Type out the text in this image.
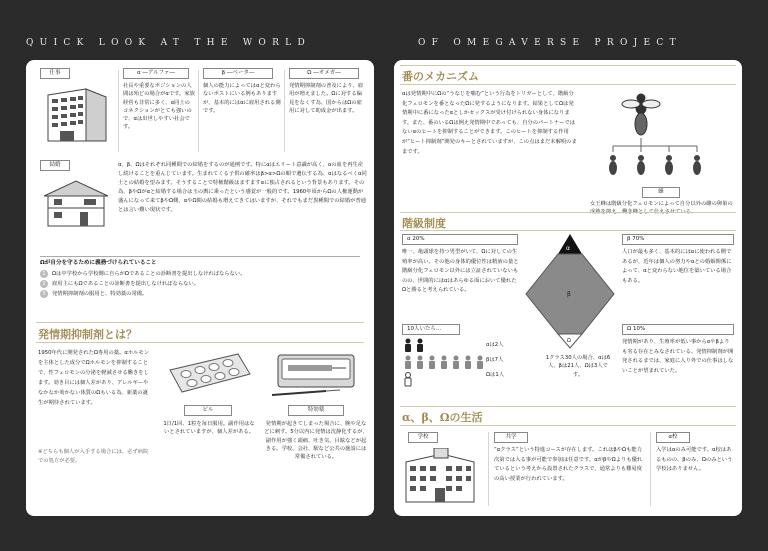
QUICK LOOK AT THE WORLD	OF OMEGAVERSE PROJECT
仕事	α ―アルファ―
社長や重要なポジションの人間は殆どの場合がαです。家族経営も非常に多く、α同士のコネクションがとても強いので、αは出世しやすい社会です。
β ―ベータ―
個人の能力によってはαと変わらないポストにいる例もありますが、基本的にはαに雇用される側です。
Ω ―オメガ―
発情期抑制剤の普及により、雇用が増えました。Ωに対する偏見をなくす為、国からはΩの雇用に対して助成金が出ます。
結婚	α、β、Ωはそれぞれ同種間での結婚をするのが通例です。特にαはエリート意識が高く、αの血を再生産し続けることを重んじています。生まれてくる子供の確率はβ>α>Ωの順で遺伝する為、αはなるべくα同士との結婚を望みます。そうすることで特権階級はますますαに独占されるという背景もあります。その為、βやΩがαと結婚する場合は玉の輿に乗ったという感覚が一般的です。1960年頃からΩの人権運動が盛んになって来てβやΩ側、αやΩ間の結婚も増えてきてはいますが、それでもまだ異種間での結婚が普通とは言い難い現状です。
Ωが自分を守るために義務づけられていること
1	Ωは中学校から学校側に自らがΩであることの診断書を提出しなければならない。
2	雇用主にもΩであることの診断書を提出しなければならない。
3	発情期抑制剤の服用と、特効薬の常備。
発情期抑制剤とは？
1950年代に開発されたΩ専用の薬。αホルモンを主体とした成分でΩホルモンを抑制することで、性フェロモンの分泌を軽減させる働きをします。効き目には個人差があり、アレルギーやなかなか効かない体質のΩもいる為、新薬の誕生が期待されています。
※どちらも個人が入手する場合には、必ず病院での処方が必要。
ピル
1日/1回、1粒を毎日服用。副作用はないとされていますが、個人差がある。
特効薬
発情期が起きてしまった場合に、腕や足などに刺す。5分以内に発情は沈静化するが、副作用が強く頭痛、吐き気、目眩などが起きる。学校、会社、駅など公共の施設には常備されている。
番のメカニズム
αは発情期中にΩの“うなじを噛む”という行為をトリガーとして、階級分化フェロモンを番となったΩに発するようになります。結果としてΩは発情期中に番になったαとしかセックスが受け付けられない身体になります。また、番のいるΩは例え発情期中であっても、自分のパートナーではないαのヒートを抑制することができます。このヒートを抑制する作用が“ヒート抑制剤”開発のキーとされていますが、この点はまだ未解明のままです。
蜂
女王蜂は階級分化フェロモンによって自分以外の雌の卵巣の
階級制度
α 20%
唯一、亀頭球を持つ男型がいて、Ωに対しての生殖率が高い。その他の身体的優位性は精液の量と階級分化フェロモン以外には立証されていないものの、世間的にはαはあらゆる面において優れたΩと勝ると考えられている。
α
β
Ω
β 70%
人口が最も多く、基本的にはαに使われる側であるが、近年は個人の努力やαとの婚姻関係によって、αと変わらない地位を築いている場合もある。
Ω 10%
発情期があり、生殖率が低い事からαやβよりも劣る存在とみなされている。発情抑制剤が開発されるまでは、家庭に入り外での仕事はしないことが望まれていた。
10人いたら…
αは2人
βは7人
Ωは1人
1クラス30人の場合、αは6人、βは21人、Ωは3人です。
α、β、Ωの生活
学校	共学
“αクラス”という特進コースが存在します。これはβやΩも能力次第では入る事が可能で参加は任意です。αがβやΩよりも優れているという考えから設置されたクラスで、通常よりも難易度の高い授業が行われています。
α校
入学はαのみ可能です。α校はあるものの、βのみ、Ωのみという学校はありません。
